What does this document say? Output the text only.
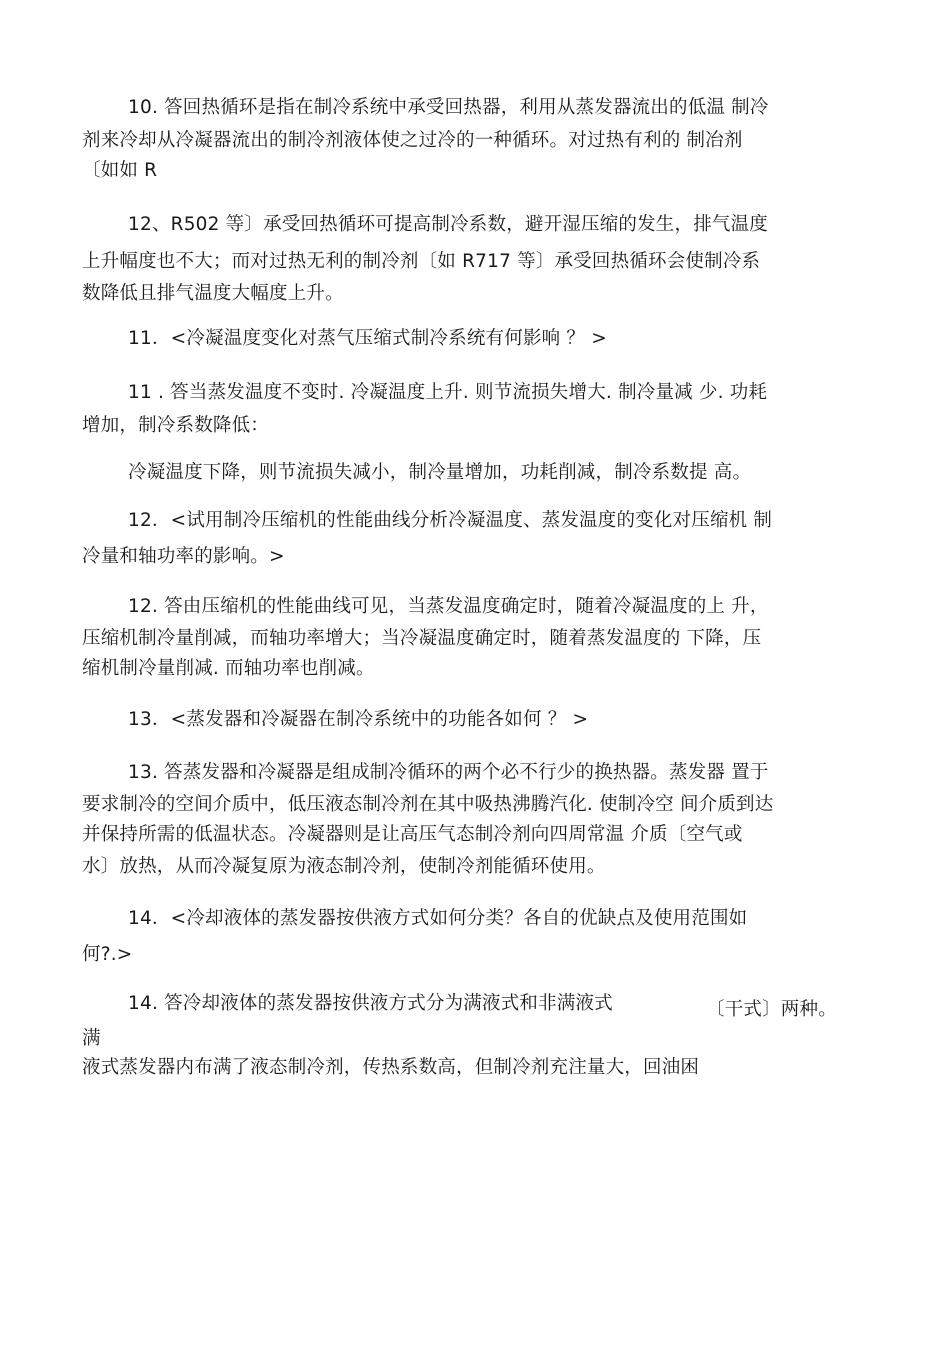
10. 答回热循环是指在制冷系统中承受回热器，利用从蒸发器流出的低温 制冷
剂来冷却从冷凝器流出的制冷剂液体使之过冷的一种循环。对过热有利的 制冶剂
〔如如 R
12、R502 等〕承受回热循环可提高制冷系数，避开湿压缩的发生，排气温度
上升幅度也不大；而对过热无利的制冷剂〔如 R717 等〕承受回热循环会使制冷系
数降低且排气温度大幅度上升。
11．<冷凝温度变化对蒸气压缩式制冷系统有何影响 ？ >
11 . 答当蒸发温度不变时. 冷凝温度上升. 则节流损失增大. 制冷量减 少. 功耗
增加，制冷系数降低：
冷凝温度下降，则节流损失减小，制冷量增加，功耗削减，制冷系数提 高。
12．<试用制冷压缩机的性能曲线分析冷凝温度、蒸发温度的变化对压缩机 制
冷量和轴功率的影响。>
12. 答由压缩机的性能曲线可见，当蒸发温度确定时，随着冷凝温度的上 升，
压缩机制冷量削减，而轴功率增大；当冷凝温度确定时，随着蒸发温度的 下降，压
缩机制冷量削减. 而轴功率也削减。
13．<蒸发器和冷凝器在制冷系统中的功能各如何 ？ >
13. 答蒸发器和冷凝器是组成制冷循环的两个必不行少的换热器。蒸发器 置于
要求制冷的空间介质中，低压液态制冷剂在其中吸热沸腾汽化. 使制冷空 间介质到达
并保持所需的低温状态。冷凝器则是让高压气态制冷剂向四周常温 介质〔空气或
水〕放热，从而冷凝复原为液态制冷剂，使制冷剂能循环使用。
14．<冷却液体的蒸发器按供液方式如何分类？各自的优缺点及使用范围如
何?.>
14. 答冷却液体的蒸发器按供液方式分为满液式和非满液式	〔干式〕两种。
满
液式蒸发器内布满了液态制冷剂，传热系数高，但制冷剂充注量大，回油困
